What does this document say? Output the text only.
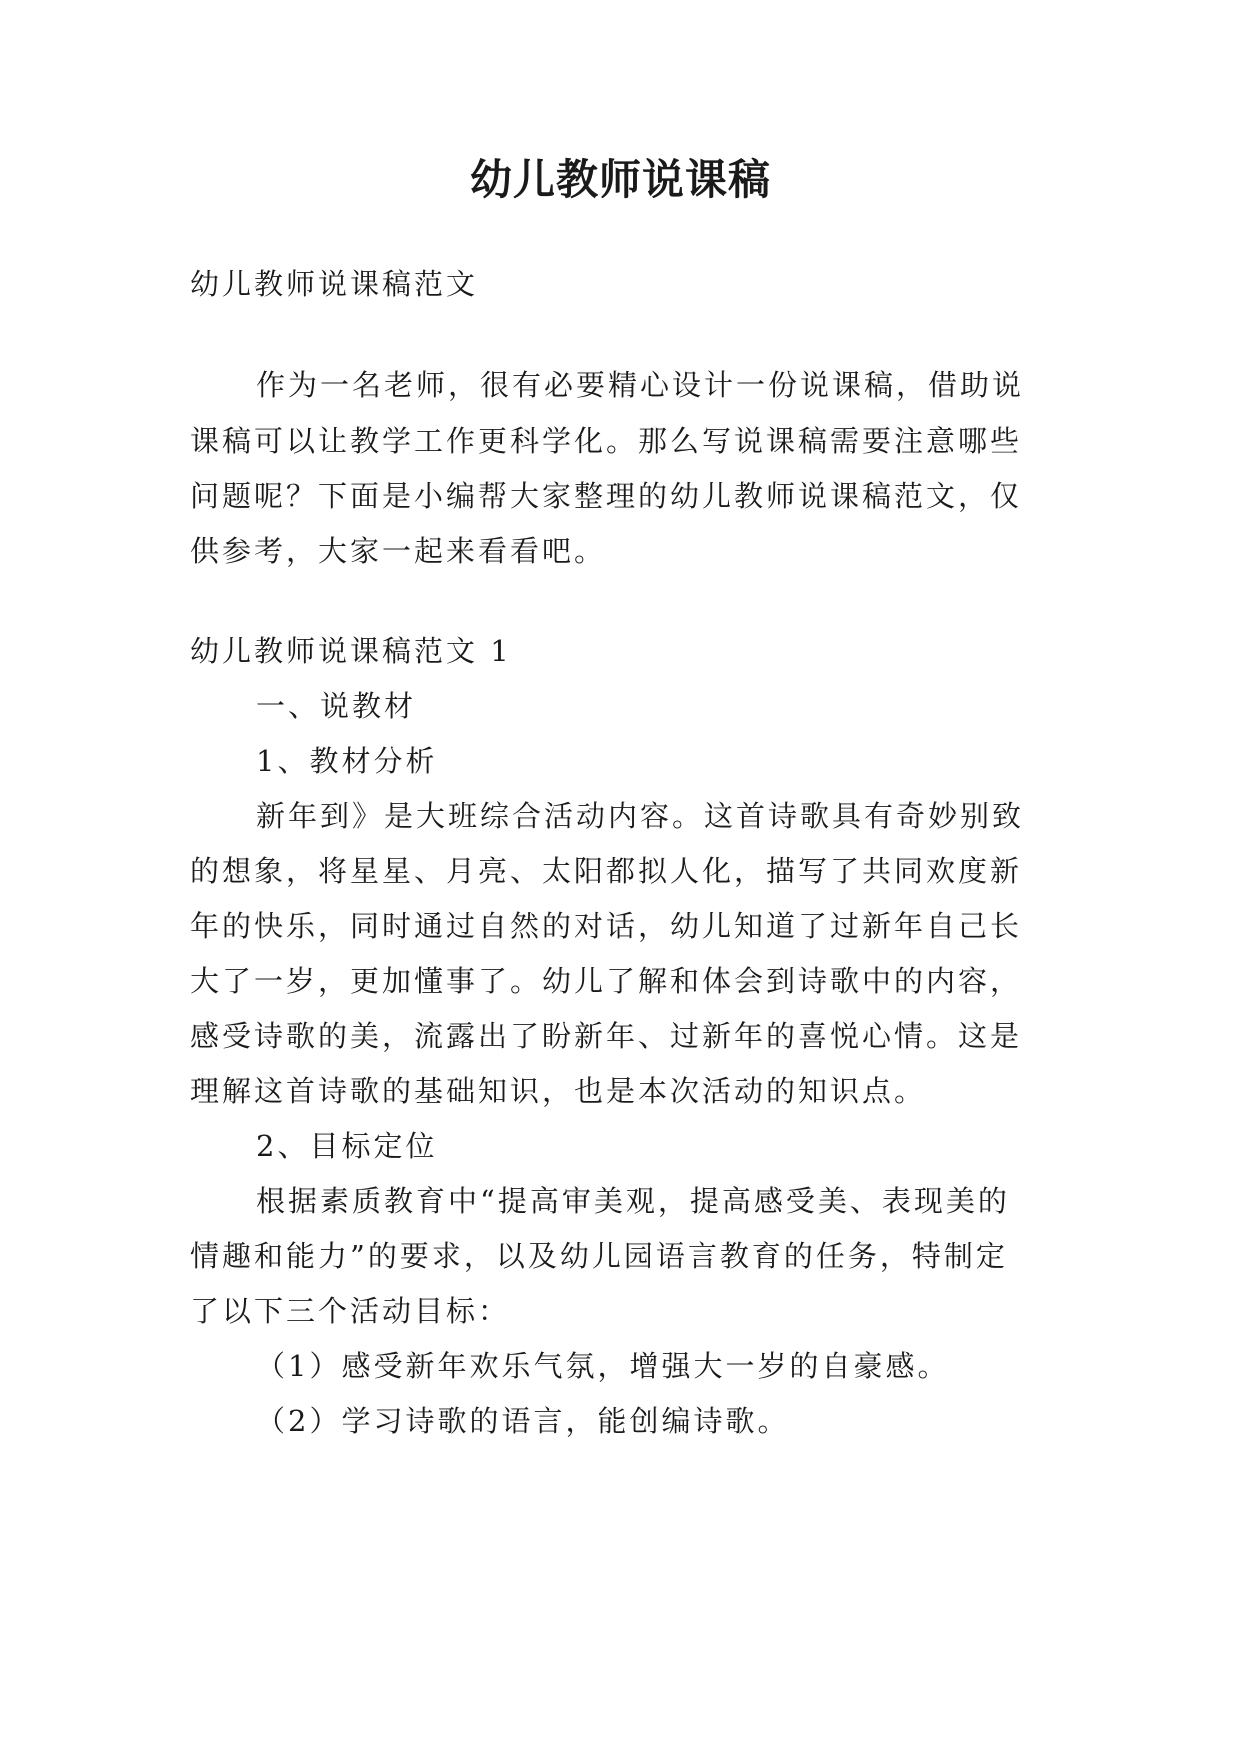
幼儿教师说课稿
幼儿教师说课稿范文
作为一名老师，很有必要精心设计一份说课稿，借助说
课稿可以让教学工作更科学化。那么写说课稿需要注意哪些
问题呢？下面是小编帮大家整理的幼儿教师说课稿范文，仅
供参考，大家一起来看看吧。
幼儿教师说课稿范文 1
一、说教材
1、教材分析
新年到》是大班综合活动内容。这首诗歌具有奇妙别致
的想象，将星星、月亮、太阳都拟人化，描写了共同欢度新
年的快乐，同时通过自然的对话，幼儿知道了过新年自己长
大了一岁，更加懂事了。幼儿了解和体会到诗歌中的内容，
感受诗歌的美，流露出了盼新年、过新年的喜悦心情。这是
理解这首诗歌的基础知识，也是本次活动的知识点。
2、目标定位
根据素质教育中“提高审美观，提高感受美、表现美的
情趣和能力”的要求，以及幼儿园语言教育的任务，特制定
了以下三个活动目标：
（1）感受新年欢乐气氛，增强大一岁的自豪感。
（2）学习诗歌的语言，能创编诗歌。
